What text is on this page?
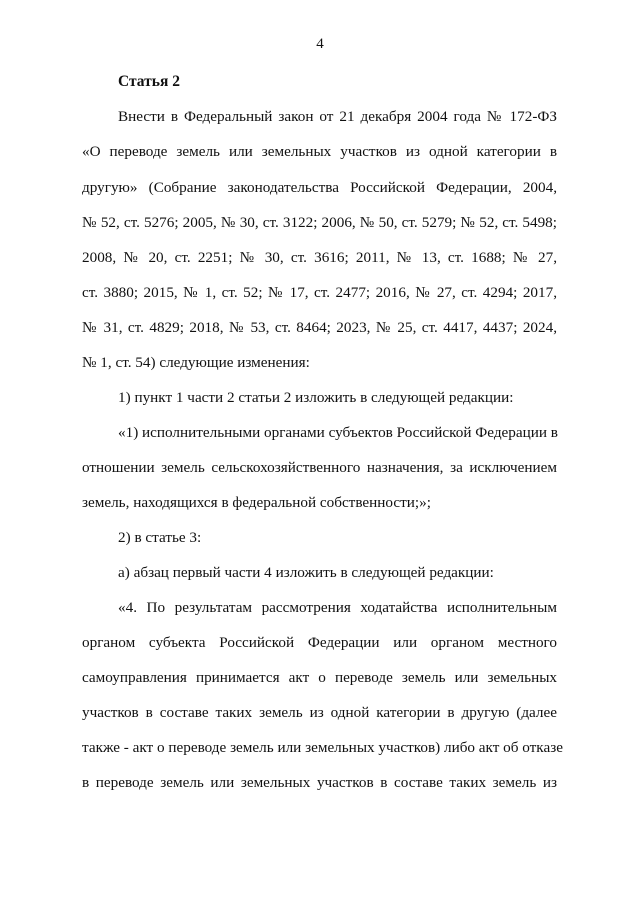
4
Статья 2
Внести в Федеральный закон от 21 декабря 2004 года № 172-ФЗ
«О переводе земель или земельных участков из одной категории в
другую» (Собрание законодательства Российской Федерации, 2004,
№ 52, ст. 5276; 2005, № 30, ст. 3122; 2006, № 50, ст. 5279; № 52, ст. 5498;
2008, № 20, ст. 2251; № 30, ст. 3616; 2011, № 13, ст. 1688; № 27,
ст. 3880; 2015, № 1, ст. 52; № 17, ст. 2477; 2016, № 27, ст. 4294; 2017,
№ 31, ст. 4829; 2018, № 53, ст. 8464; 2023, № 25, ст. 4417, 4437; 2024,
№ 1, ст. 54) следующие изменения:
1) пункт 1 части 2 статьи 2 изложить в следующей редакции:
«1) исполнительными органами субъектов Российской Федерации в
отношении земель сельскохозяйственного назначения, за исключением
земель, находящихся в федеральной собственности;»;
2) в статье 3:
а) абзац первый части 4 изложить в следующей редакции:
«4. По результатам рассмотрения ходатайства исполнительным
органом субъекта Российской Федерации или органом местного
самоуправления принимается акт о переводе земель или земельных
участков в составе таких земель из одной категории в другую (далее
также - акт о переводе земель или земельных участков) либо акт об отказе
в переводе земель или земельных участков в составе таких земель из
